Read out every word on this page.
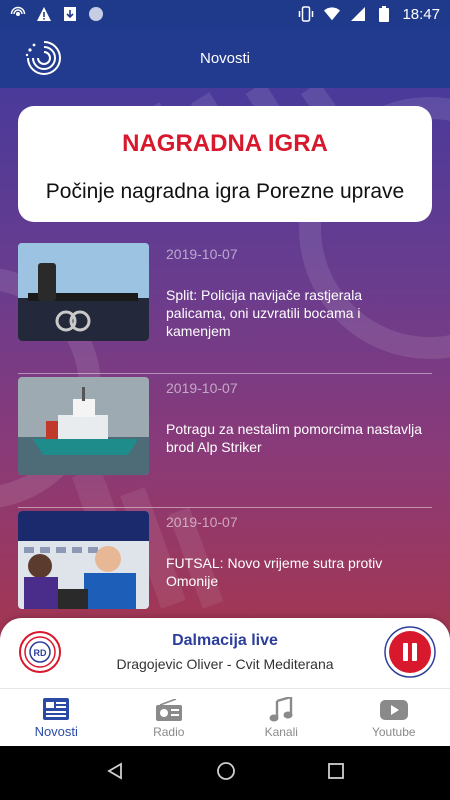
18:47
Novosti
NAGRADNA IGRA
Počinje nagradna igra Porezne uprave
2019-10-07
Split: Policija navijače rastjerala palicama, oni uzvratili bocama i kamenjem
2019-10-07
Potragu za nestalim pomorcima nastavlja brod Alp Striker
2019-10-07
FUTSAL: Novo vrijeme sutra protiv Omonije
RD
Dalmacija live
Dragojevic Oliver - Cvit Mediterana
Novosti	Radio	Kanali	Youtube
